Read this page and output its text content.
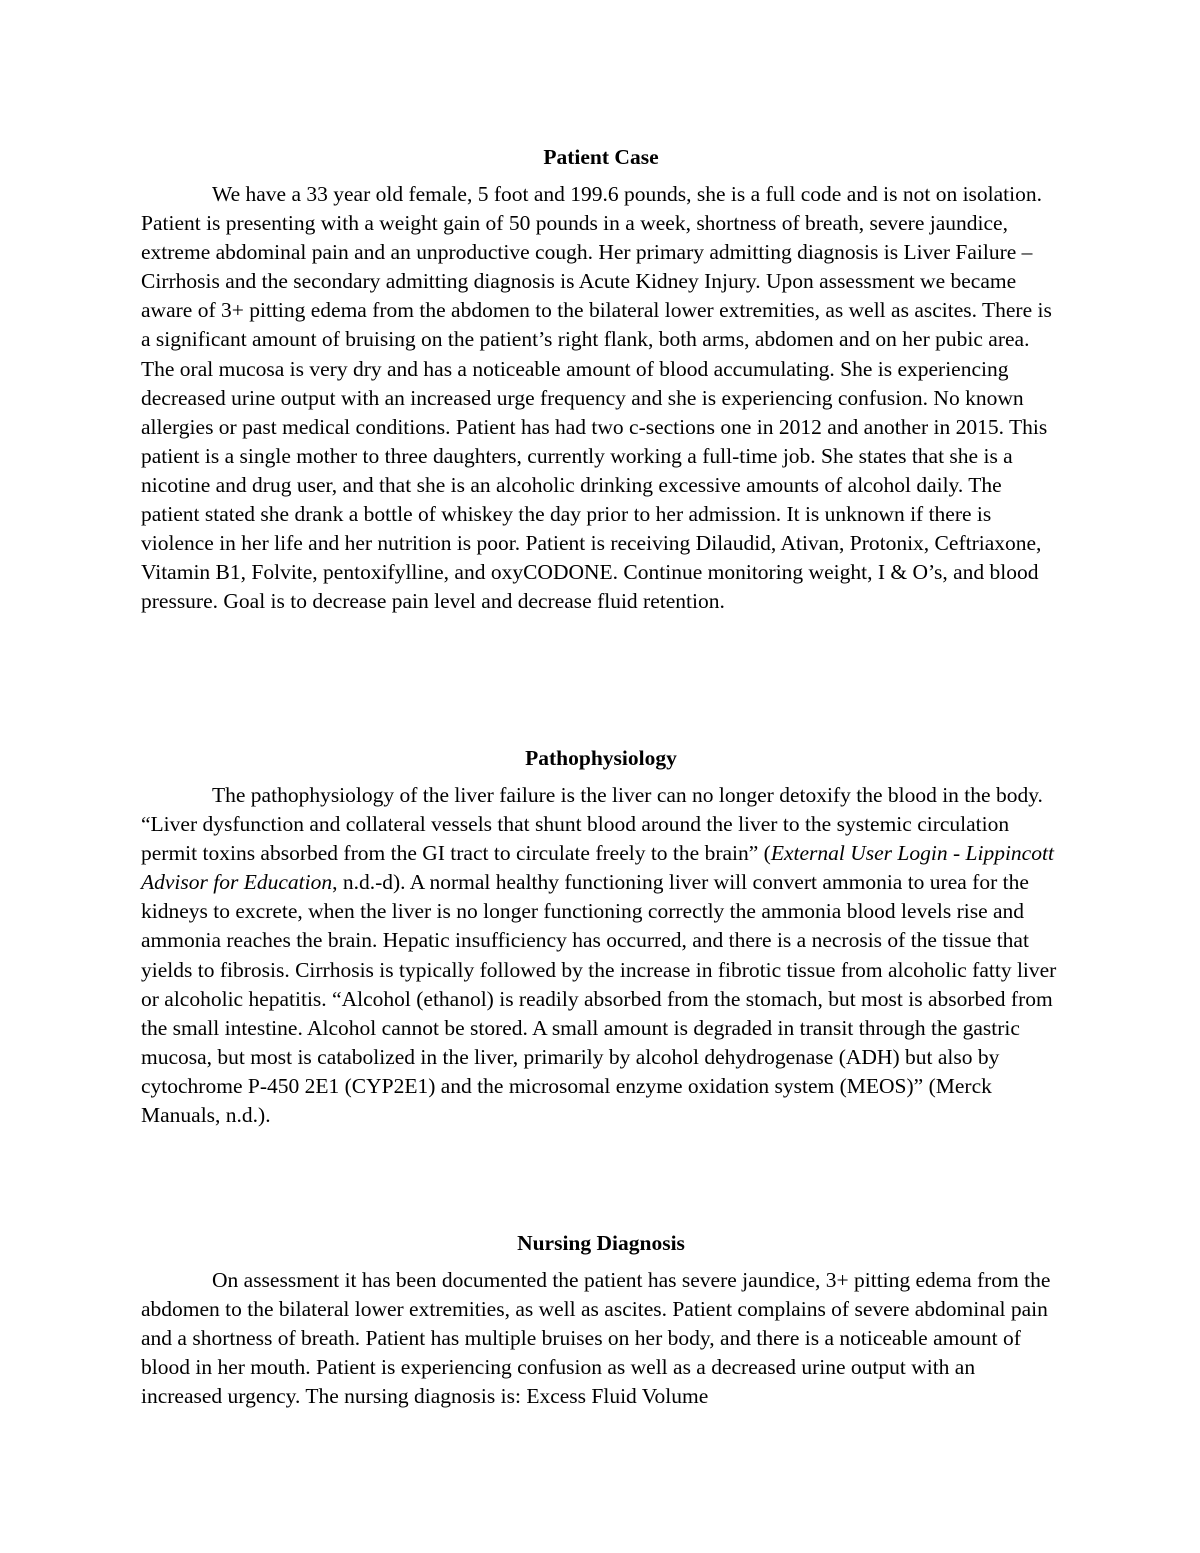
Patient Case

We have a 33 year old female, 5 foot and 199.6 pounds, she is a full code and is not on isolation. Patient is presenting with a weight gain of 50 pounds in a week, shortness of breath, severe jaundice, extreme abdominal pain and an unproductive cough. Her primary admitting diagnosis is Liver Failure – Cirrhosis and the secondary admitting diagnosis is Acute Kidney Injury. Upon assessment we became aware of 3+ pitting edema from the abdomen to the bilateral lower extremities, as well as ascites. There is a significant amount of bruising on the patient’s right flank, both arms, abdomen and on her pubic area. The oral mucosa is very dry and has a noticeable amount of blood accumulating. She is experiencing decreased urine output with an increased urge frequency and she is experiencing confusion. No known allergies or past medical conditions. Patient has had two c-sections one in 2012 and another in 2015. This patient is a single mother to three daughters, currently working a full-time job. She states that she is a nicotine and drug user, and that she is an alcoholic drinking excessive amounts of alcohol daily. The patient stated she drank a bottle of whiskey the day prior to her admission. It is unknown if there is violence in her life and her nutrition is poor. Patient is receiving Dilaudid, Ativan, Protonix, Ceftriaxone, Vitamin B1, Folvite, pentoxifylline, and oxyCODONE. Continue monitoring weight, I & O’s, and blood pressure. Goal is to decrease pain level and decrease fluid retention.

Pathophysiology

The pathophysiology of the liver failure is the liver can no longer detoxify the blood in the body. “Liver dysfunction and collateral vessels that shunt blood around the liver to the systemic circulation permit toxins absorbed from the GI tract to circulate freely to the brain” (External User Login - Lippincott Advisor for Education, n.d.-d). A normal healthy functioning liver will convert ammonia to urea for the kidneys to excrete, when the liver is no longer functioning correctly the ammonia blood levels rise and ammonia reaches the brain. Hepatic insufficiency has occurred, and there is a necrosis of the tissue that yields to fibrosis. Cirrhosis is typically followed by the increase in fibrotic tissue from alcoholic fatty liver or alcoholic hepatitis. “Alcohol (ethanol) is readily absorbed from the stomach, but most is absorbed from the small intestine. Alcohol cannot be stored. A small amount is degraded in transit through the gastric mucosa, but most is catabolized in the liver, primarily by alcohol dehydrogenase (ADH) but also by cytochrome P-450 2E1 (CYP2E1) and the microsomal enzyme oxidation system (MEOS)” (Merck Manuals, n.d.).

Nursing Diagnosis

On assessment it has been documented the patient has severe jaundice, 3+ pitting edema from the abdomen to the bilateral lower extremities, as well as ascites. Patient complains of severe abdominal pain and a shortness of breath. Patient has multiple bruises on her body, and there is a noticeable amount of blood in her mouth. Patient is experiencing confusion as well as a decreased urine output with an increased urgency. The nursing diagnosis is: Excess Fluid Volume
